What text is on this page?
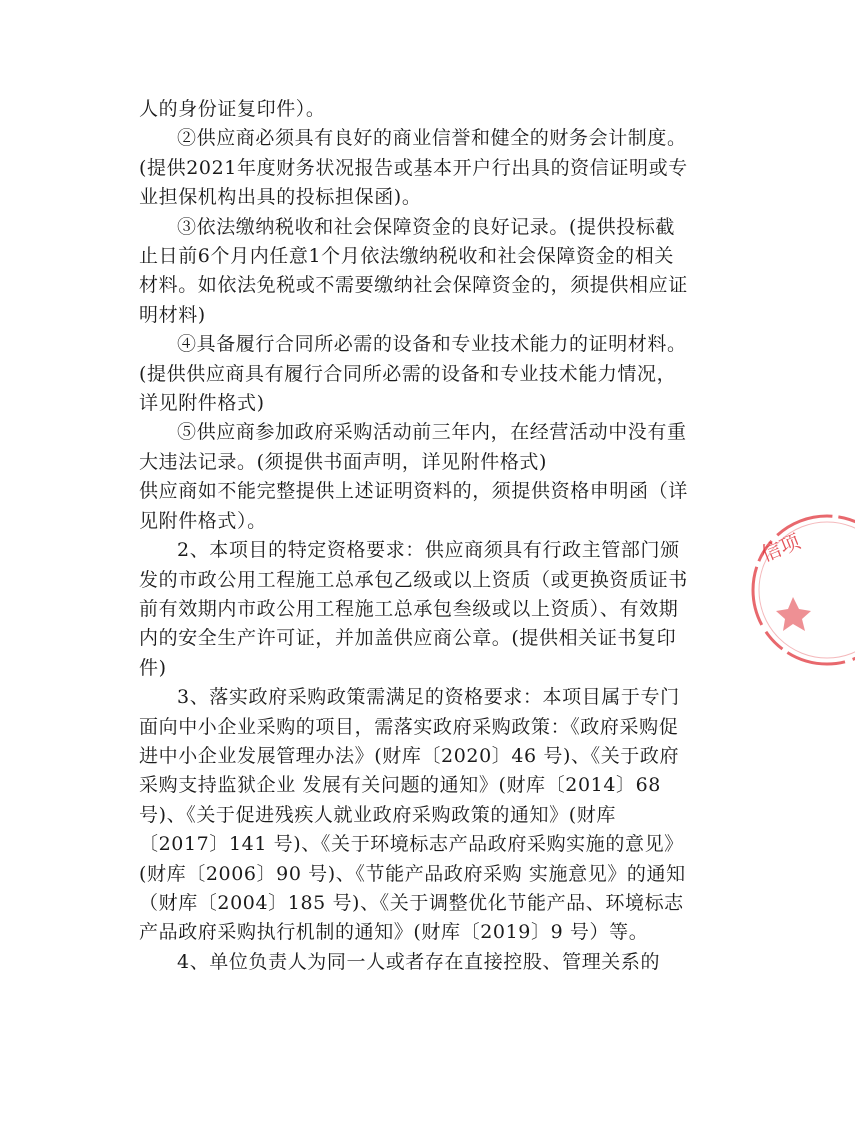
人的身份证复印件）。

②供应商必须具有良好的商业信誉和健全的财务会计制度。(提供2021年度财务状况报告或基本开户行出具的资信证明或专业担保机构出具的投标担保函)。

③依法缴纳税收和社会保障资金的良好记录。(提供投标截止日前6个月内任意1个月依法缴纳税收和社会保障资金的相关材料。如依法免税或不需要缴纳社会保障资金的，须提供相应证明材料)

④具备履行合同所必需的设备和专业技术能力的证明材料。(提供供应商具有履行合同所必需的设备和专业技术能力情况，详见附件格式)

⑤供应商参加政府采购活动前三年内，在经营活动中没有重大违法记录。(须提供书面声明，详见附件格式)

供应商如不能完整提供上述证明资料的，须提供资格申明函（详见附件格式）。

2、本项目的特定资格要求：供应商须具有行政主管部门颁发的市政公用工程施工总承包乙级或以上资质（或更换资质证书前有效期内市政公用工程施工总承包叁级或以上资质）、有效期内的安全生产许可证，并加盖供应商公章。(提供相关证书复印件)

3、落实政府采购政策需满足的资格要求：本项目属于专门面向中小企业采购的项目，需落实政府采购政策：《政府采购促进中小企业发展管理办法》(财库〔2020〕46 号)、《关于政府采购支持监狱企业 发展有关问题的通知》(财库〔2014〕68 号)、《关于促进残疾人就业政府采购政策的通知》(财库〔2017〕141 号)、《关于环境标志产品政府采购实施的意见》(财库〔2006〕90 号)、《节能产品政府采购 实施意见》的通知（财库〔2004〕185 号)、《关于调整优化节能产品、环境标志产品政府采购执行机制的通知》(财库〔2019〕9 号）等。

4、单位负责人为同一人或者存在直接控股、管理关系的

信项
